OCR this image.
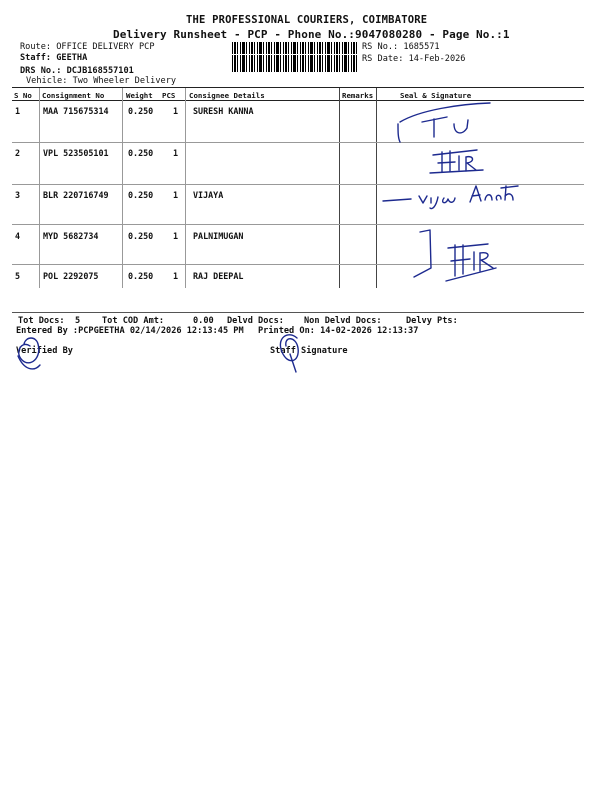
THE PROFESSIONAL COURIERS, COIMBATORE
Delivery Runsheet - PCP - Phone No.:9047080280 - Page No.:1
Route: OFFICE DELIVERY PCP
Staff: GEETHA
DRS No.: DCJB168557101
Vehicle: Two Wheeler Delivery
RS No.: 1685571
RS Date: 14-Feb-2026
S No Consignment No	Weight PCS Consignee Details	Remarks	Seal & Signature
1	MAA 715675314 0.250 1 SURESH KANNA
2	VPL 523505101 0.250 1
3	BLR 220716749 0.250 1 VIJAYA
4	MYD 5682734	0.250 1 PALNIMUGAN
5	POL 2292075	0.250 1 RAJ DEEPAL
Tot Docs: 5	Tot COD Amt:	0.00 Delvd Docs: Non Delvd Docs:	Delvy Pts:
Entered By :PCPGEETHA 02/14/2026 12:13:45 PM Printed On: 14-02-2026 12:13:37
Verified By	Staff Signature
